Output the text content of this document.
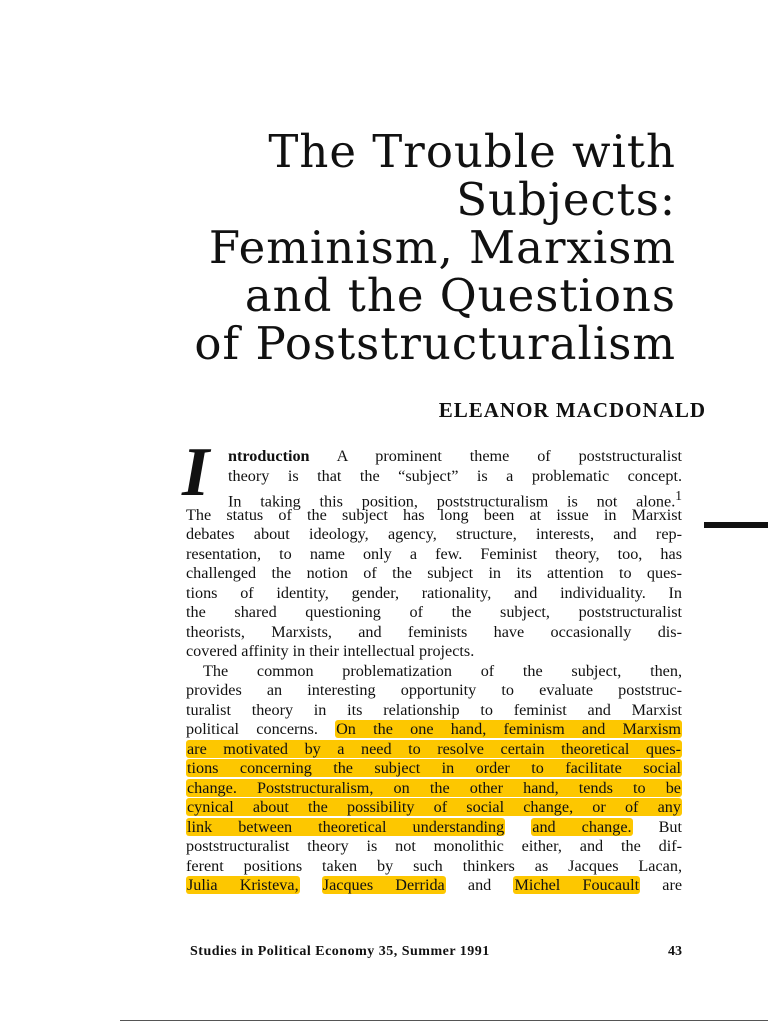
The Trouble with
Subjects:
Feminism, Marxism
and the Questions
of Poststructuralism
ELEANOR MACDONALD
I	ntroduction A prominent theme of poststructuralist
theory is that the “subject” is a problematic concept.
In taking this position, poststructuralism is not alone.$^1$
The status of the subject has long been at issue in Marxist
debates about ideology, agency, structure, interests, and rep-
resentation, to name only a few. Feminist theory, too, has
challenged the notion of the subject in its attention to ques-
tions of identity, gender, rationality, and individuality. In
the shared questioning of the subject, poststructuralist
theorists, Marxists, and feminists have occasionally dis-
covered affinity in their intellectual projects.
The common problematization of the subject, then,
provides an interesting opportunity to evaluate poststruc-
turalist theory in its relationship to feminist and Marxist
political concerns. On the one hand, feminism and Marxism
are motivated by a need to resolve certain theoretical ques-
tions concerning the subject in order to facilitate social
change. Poststructuralism, on the other hand, tends to be
cynical about the possibility of social change, or of any
link between theoretical understanding and change. But
poststructuralist theory is not monolithic either, and the dif-
ferent positions taken by such thinkers as Jacques Lacan,
Julia Kristeva, Jacques Derrida and Michel Foucault are
Studies in Political Economy 35, Summer 1991	43
